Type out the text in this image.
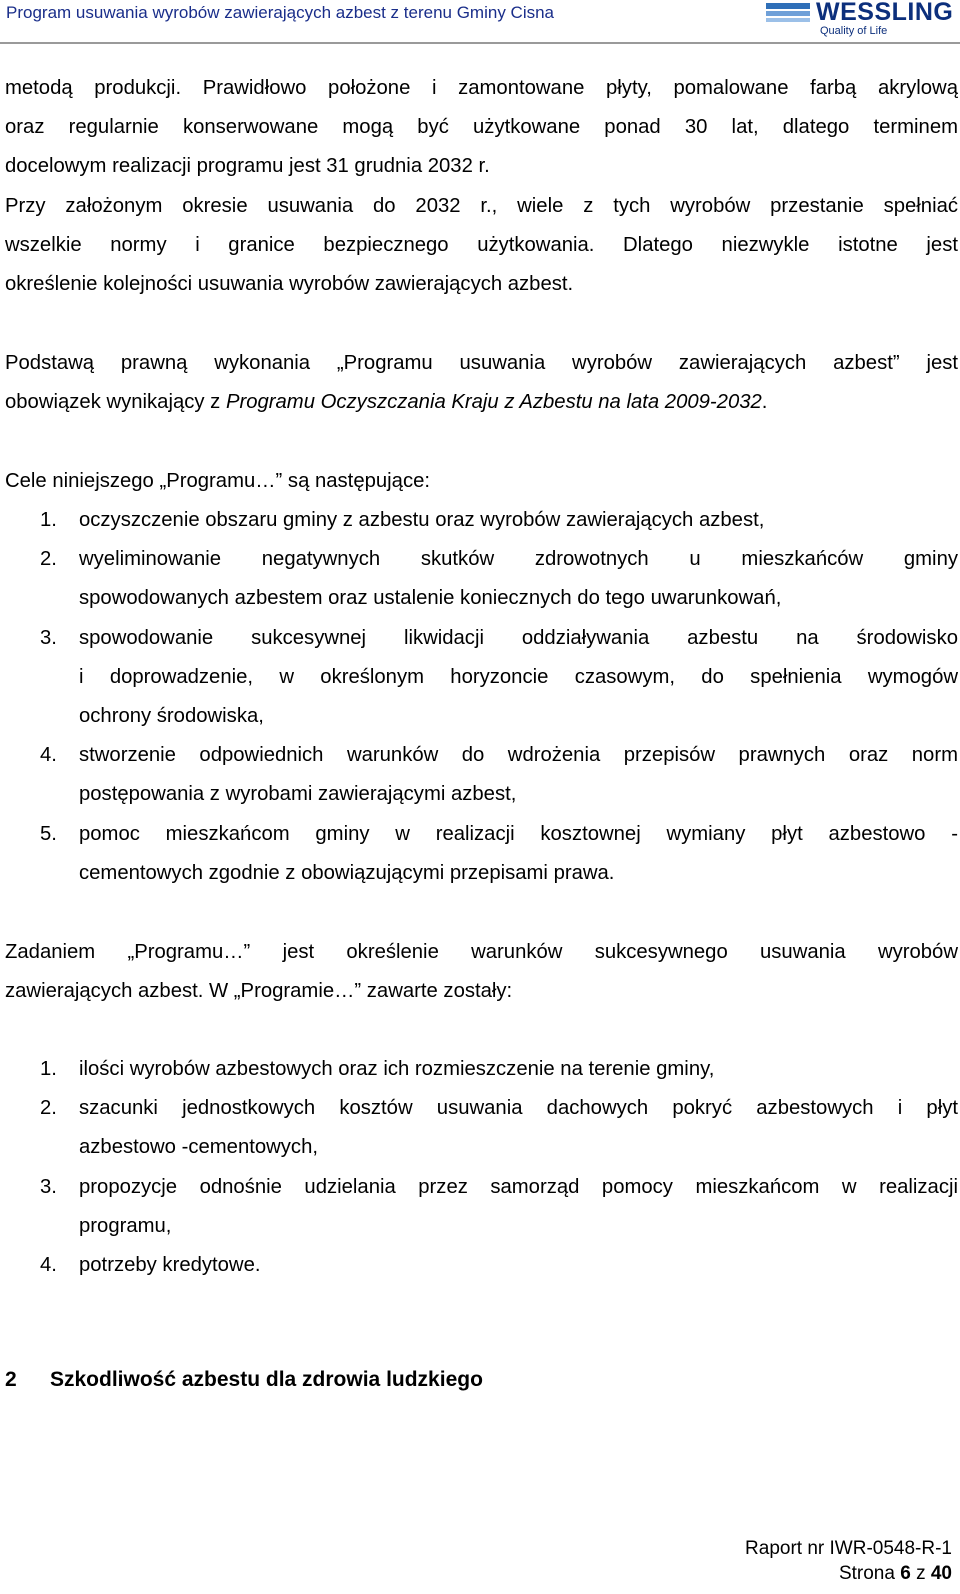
Program usuwania wyrobów zawierających azbest z terenu Gminy Cisna	WESSLING
Quality of Life
metodą produkcji. Prawidłowo położone i zamontowane płyty, pomalowane farbą akrylową
oraz regularnie konserwowane mogą być użytkowane ponad 30 lat, dlatego terminem
docelowym realizacji programu jest 31 grudnia 2032 r.
Przy założonym okresie usuwania do 2032 r., wiele z tych wyrobów przestanie spełniać
wszelkie normy i granice bezpiecznego użytkowania. Dlatego niezwykle istotne jest
określenie kolejności usuwania wyrobów zawierających azbest.
Podstawą prawną wykonania „Programu usuwania wyrobów zawierających azbest” jest
obowiązek wynikający z Programu Oczyszczania Kraju z Azbestu na lata 2009-2032.
Cele niniejszego „Programu…” są następujące:
1. oczyszczenie obszaru gminy z azbestu oraz wyrobów zawierających azbest,
2. wyeliminowanie negatywnych skutków zdrowotnych u mieszkańców gminy
spowodowanych azbestem oraz ustalenie koniecznych do tego uwarunkowań,
3. spowodowanie sukcesywnej likwidacji oddziaływania azbestu na środowisko
i doprowadzenie, w określonym horyzoncie czasowym, do spełnienia wymogów
ochrony środowiska,
4. stworzenie odpowiednich warunków do wdrożenia przepisów prawnych oraz norm
postępowania z wyrobami zawierającymi azbest,
5. pomoc mieszkańcom gminy w realizacji kosztownej wymiany płyt azbestowo -
cementowych zgodnie z obowiązującymi przepisami prawa.
Zadaniem „Programu…” jest określenie warunków sukcesywnego usuwania wyrobów
zawierających azbest. W „Programie…” zawarte zostały:
1. ilości wyrobów azbestowych oraz ich rozmieszczenie na terenie gminy,
2. szacunki jednostkowych kosztów usuwania dachowych pokryć azbestowych i płyt
azbestowo -cementowych,
3. propozycje odnośnie udzielania przez samorząd pomocy mieszkańcom w realizacji
programu,
4. potrzeby kredytowe.
2 Szkodliwość azbestu dla zdrowia ludzkiego
Raport nr IWR-0548-R-1
Strona 6 z 40
